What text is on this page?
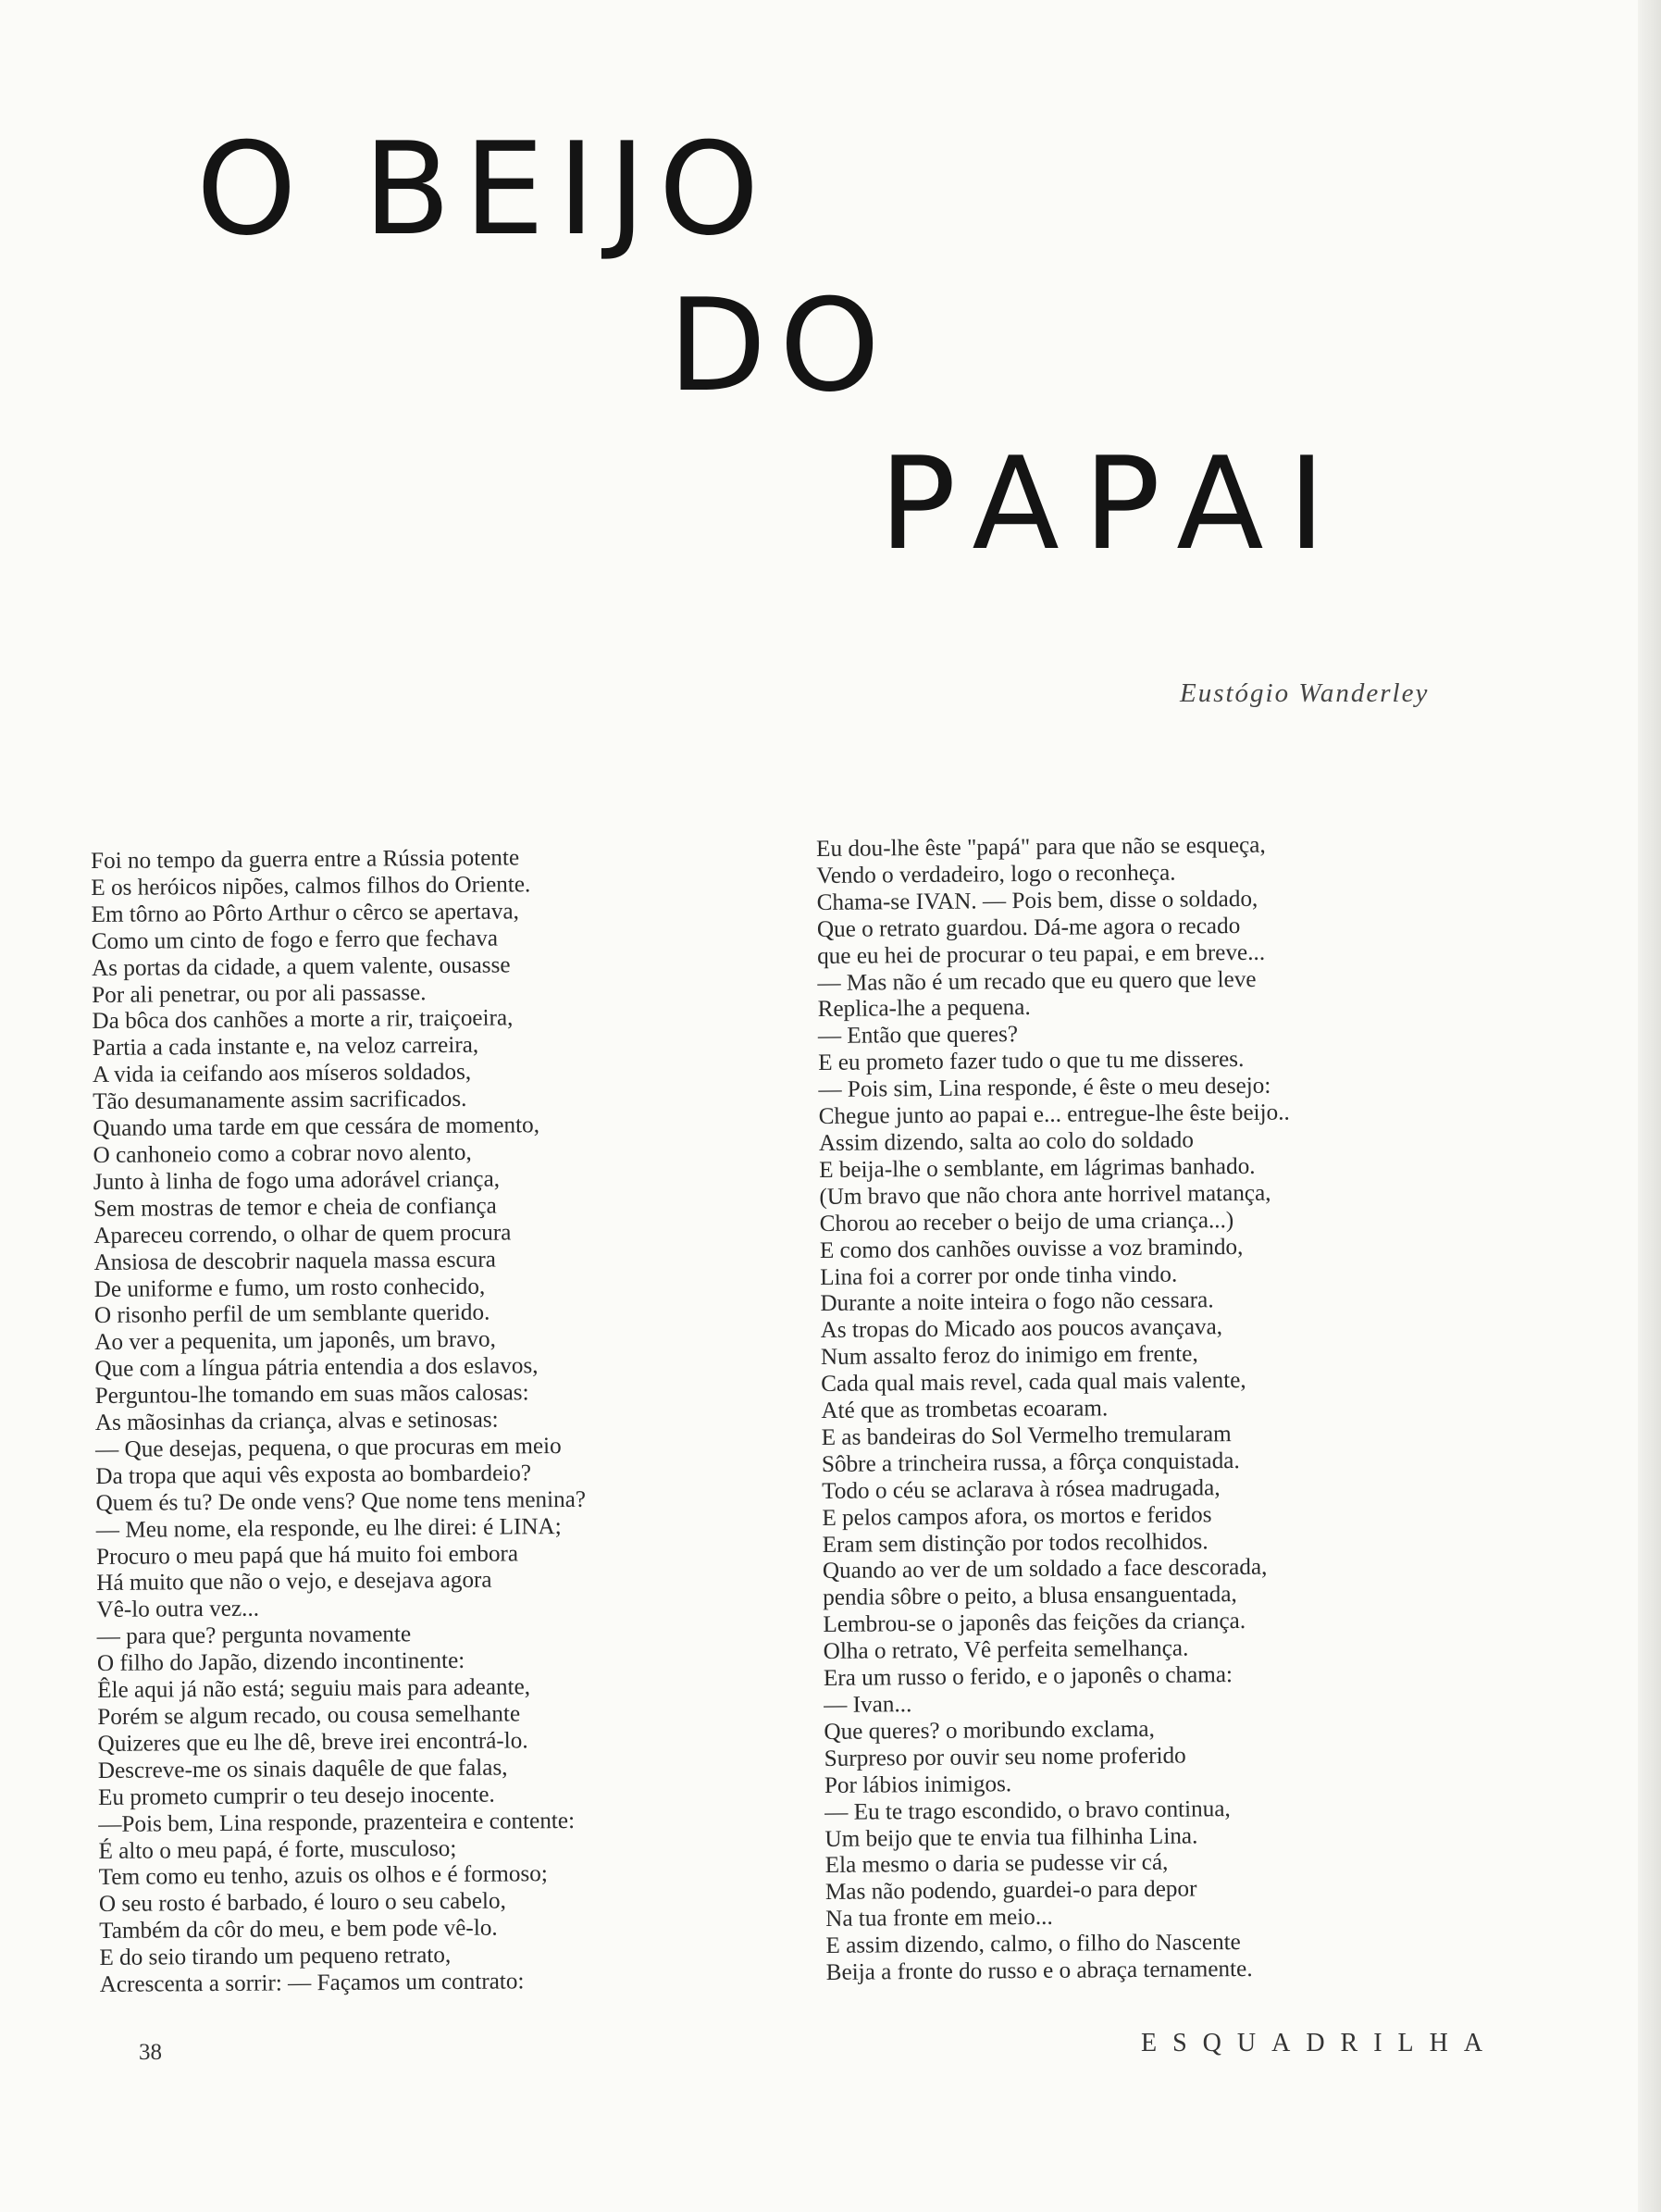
O BEIJO
DO
PAPAI
Eustógio Wanderley
Foi no tempo da guerra entre a Rússia potente
E os heróicos nipões, calmos filhos do Oriente.
Em tôrno ao Pôrto Arthur o cêrco se apertava,
Como um cinto de fogo e ferro que fechava
As portas da cidade, a quem valente, ousasse
Por ali penetrar, ou por ali passasse.
Da bôca dos canhões a morte a rir, traiçoeira,
Partia a cada instante e, na veloz carreira,
A vida ia ceifando aos míseros soldados,
Tão desumanamente assim sacrificados.
Quando uma tarde em que cessára de momento,
O canhoneio como a cobrar novo alento,
Junto à linha de fogo uma adorável criança,
Sem mostras de temor e cheia de confiança
Apareceu correndo, o olhar de quem procura
Ansiosa de descobrir naquela massa escura
De uniforme e fumo, um rosto conhecido,
O risonho perfil de um semblante querido.
Ao ver a pequenita, um japonês, um bravo,
Que com a língua pátria entendia a dos eslavos,
Perguntou-lhe tomando em suas mãos calosas:
As mãosinhas da criança, alvas e setinosas:
— Que desejas, pequena, o que procuras em meio
Da tropa que aqui vês exposta ao bombardeio?
Quem és tu? De onde vens? Que nome tens menina?
— Meu nome, ela responde, eu lhe direi: é LINA;
Procuro o meu papá que há muito foi embora
Há muito que não o vejo, e desejava agora
Vê-lo outra vez...
— para que? pergunta novamente
O filho do Japão, dizendo incontinente:
Êle aqui já não está; seguiu mais para adeante,
Porém se algum recado, ou cousa semelhante
Quizeres que eu lhe dê, breve irei encontrá-lo.
Descreve-me os sinais daquêle de que falas,
Eu prometo cumprir o teu desejo inocente.
—Pois bem, Lina responde, prazenteira e contente:
É alto o meu papá, é forte, musculoso;
Tem como eu tenho, azuis os olhos e é formoso;
O seu rosto é barbado, é louro o seu cabelo,
Também da côr do meu, e bem pode vê-lo.
E do seio tirando um pequeno retrato,
Acrescenta a sorrir: — Façamos um contrato:
Eu dou-lhe êste "papá" para que não se esqueça,
Vendo o verdadeiro, logo o reconheça.
Chama-se IVAN. — Pois bem, disse o soldado,
Que o retrato guardou. Dá-me agora o recado
que eu hei de procurar o teu papai, e em breve...
— Mas não é um recado que eu quero que leve
Replica-lhe a pequena.
— Então que queres?
E eu prometo fazer tudo o que tu me disseres.
— Pois sim, Lina responde, é êste o meu desejo:
Chegue junto ao papai e... entregue-lhe êste beijo..
Assim dizendo, salta ao colo do soldado
E beija-lhe o semblante, em lágrimas banhado.
(Um bravo que não chora ante horrivel matança,
Chorou ao receber o beijo de uma criança...)
E como dos canhões ouvisse a voz bramindo,
Lina foi a correr por onde tinha vindo.
Durante a noite inteira o fogo não cessara.
As tropas do Micado aos poucos avançava,
Num assalto feroz do inimigo em frente,
Cada qual mais revel, cada qual mais valente,
Até que as trombetas ecoaram.
E as bandeiras do Sol Vermelho tremularam
Sôbre a trincheira russa, a fôrça conquistada.
Todo o céu se aclarava à rósea madrugada,
E pelos campos afora, os mortos e feridos
Eram sem distinção por todos recolhidos.
Quando ao ver de um soldado a face descorada,
pendia sôbre o peito, a blusa ensanguentada,
Lembrou-se o japonês das feições da criança.
Olha o retrato, Vê perfeita semelhança.
Era um russo o ferido, e o japonês o chama:
— Ivan...
Que queres? o moribundo exclama,
Surpreso por ouvir seu nome proferido
Por lábios inimigos.
— Eu te trago escondido, o bravo continua,
Um beijo que te envia tua filhinha Lina.
Ela mesmo o daria se pudesse vir cá,
Mas não podendo, guardei-o para depor
Na tua fronte em meio...
E assim dizendo, calmo, o filho do Nascente
Beija a fronte do russo e o abraça ternamente.
38	ESQUADRILHA
